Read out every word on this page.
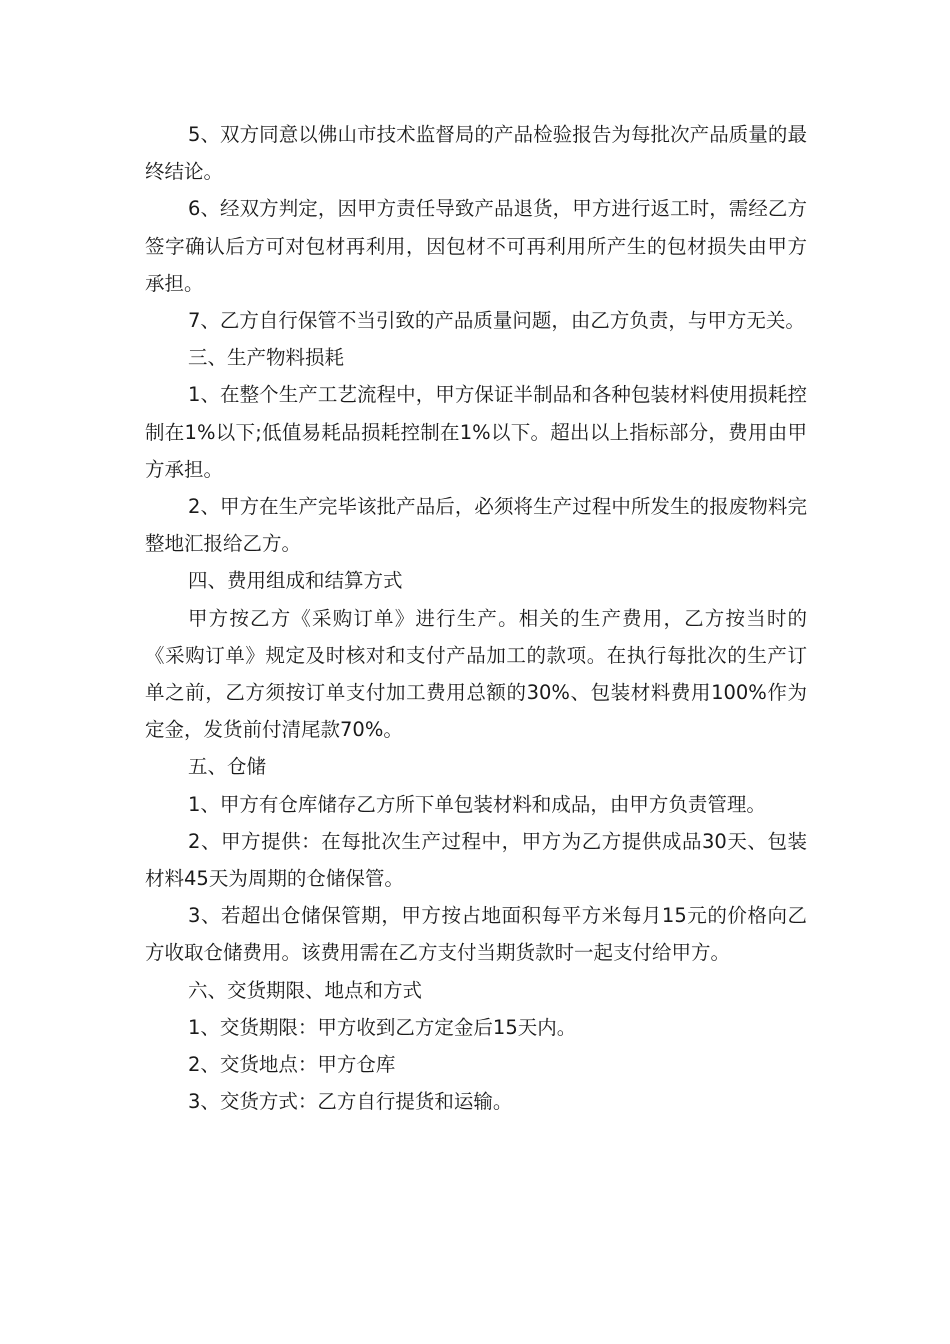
5、双方同意以佛山市技术监督局的产品检验报告为每批次产品质量的最终结论。

6、经双方判定，因甲方责任导致产品退货，甲方进行返工时，需经乙方签字确认后方可对包材再利用，因包材不可再利用所产生的包材损失由甲方承担。

7、乙方自行保管不当引致的产品质量问题，由乙方负责，与甲方无关。

三、生产物料损耗

1、在整个生产工艺流程中，甲方保证半制品和各种包装材料使用损耗控制在1%以下;低值易耗品损耗控制在1%以下。超出以上指标部分，费用由甲方承担。

2、甲方在生产完毕该批产品后，必须将生产过程中所发生的报废物料完整地汇报给乙方。

四、费用组成和结算方式

甲方按乙方《采购订单》进行生产。相关的生产费用，乙方按当时的《采购订单》规定及时核对和支付产品加工的款项。在执行每批次的生产订单之前，乙方须按订单支付加工费用总额的30%、包装材料费用100%作为定金，发货前付清尾款70%。

五、仓储

1、甲方有仓库储存乙方所下单包装材料和成品，由甲方负责管理。

2、甲方提供：在每批次生产过程中，甲方为乙方提供成品30天、包装材料45天为周期的仓储保管。

3、若超出仓储保管期，甲方按占地面积每平方米每月15元的价格向乙方收取仓储费用。该费用需在乙方支付当期货款时一起支付给甲方。

六、交货期限、地点和方式

1、交货期限：甲方收到乙方定金后15天内。

2、交货地点：甲方仓库

3、交货方式：乙方自行提货和运输。
